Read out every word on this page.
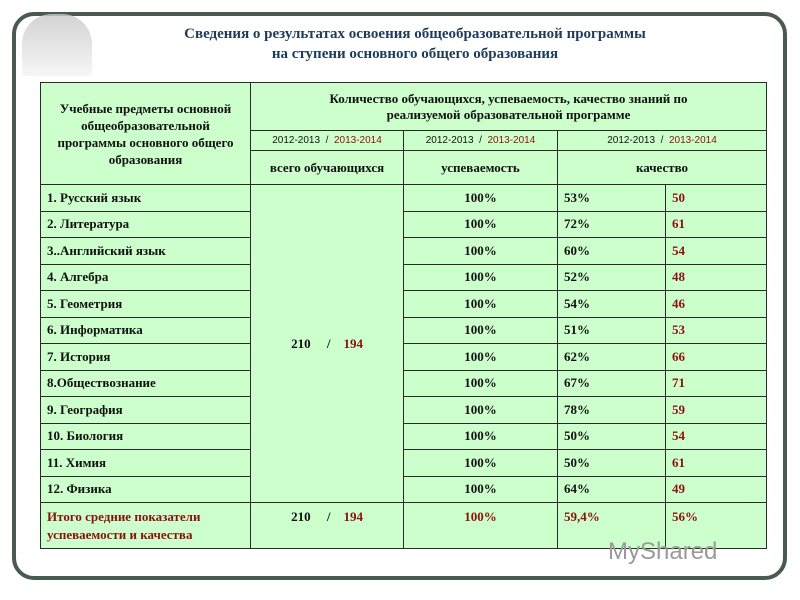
Сведения о результатах освоения общеобразовательной программы
на ступени основного общего образования
Учебные предметы основной общеобразовательной программы основного общего образования	Количество обучающихся, успеваемость, качество знаний по реализуемой образовательной программе			
	2012-2013 / 2013-2014	2012-2013 / 2013-2014	2012-2013 / 2013-2014	
	всего обучающихся	успеваемость	качество	
1. Русский язык	210     /    194	100%	53%	50
2. Литература		100%	72%	61
3..Английский язык		100%	60%	54
4. Алгебра		100%	52%	48
5. Геометрия		100%	54%	46
6. Информатика		100%	51%	53
7. История		100%	62%	66
8.Обществознание		100%	67%	71
9. География		100%	78%	59
10. Биология		100%	50%	54
11. Химия		100%	50%	61
12. Физика		100%	64%	49
Итого средние показатели успеваемости и качества	210     /    194	100%	59,4%	56%
MyShared
